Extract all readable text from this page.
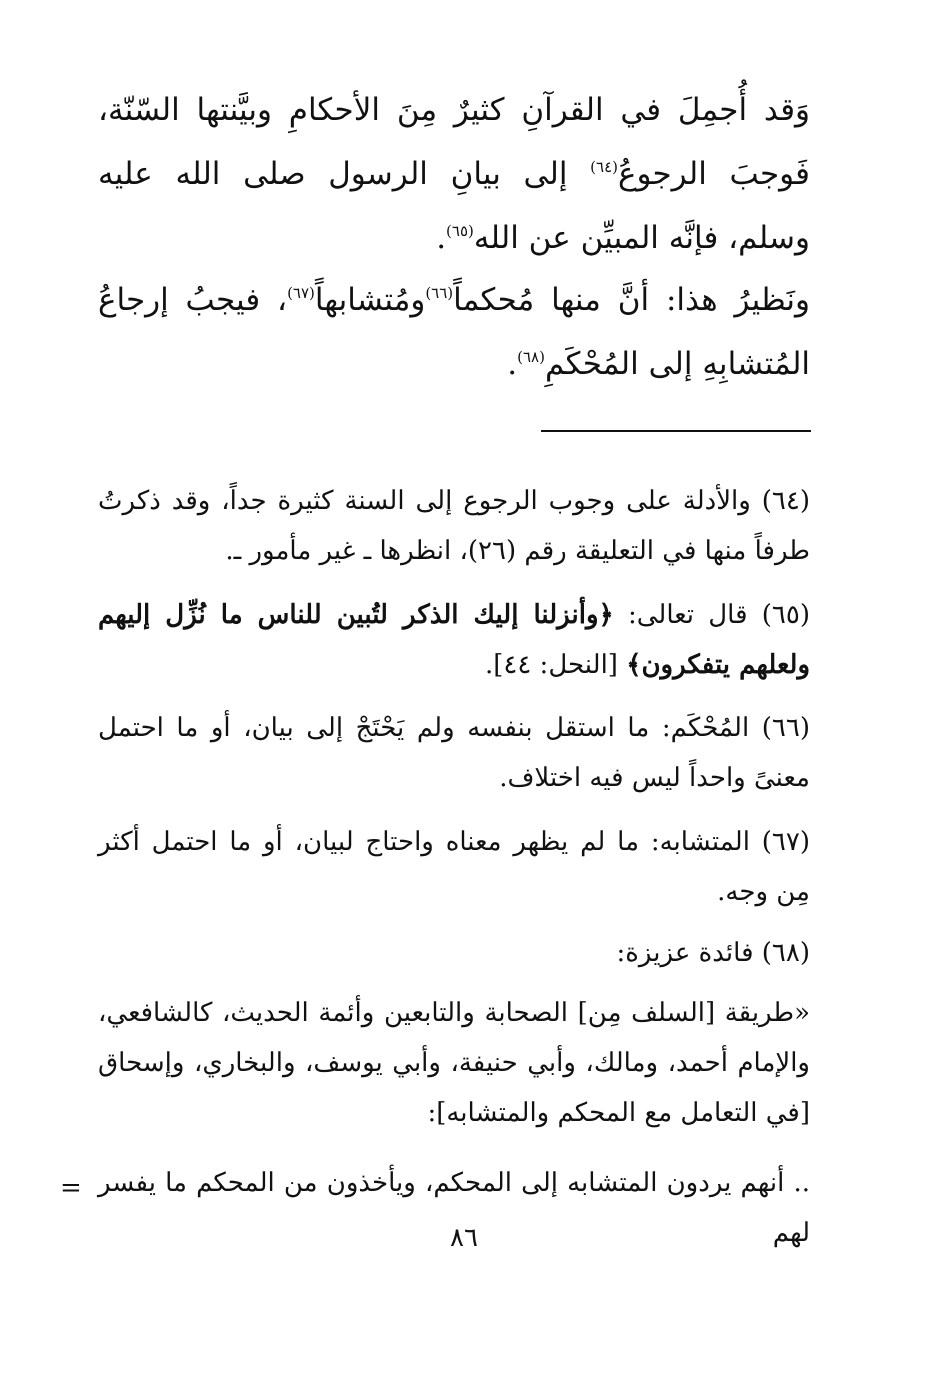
وَقد أُجمِلَ في القرآنِ كثيرٌ مِنَ الأحكامِ وبيَّنتها السّنّة، فَوجبَ الرجوعُ$^{(٦٤)}$ إلى بيانِ الرسول صلى الله عليه وسلم، فإنَّه المبيِّن عن الله$^{(٦٥)}$.
ونَظيرُ هذا: أنَّ منها مُحكماً$^{(٦٦)}$ومُتشابهاً$^{(٦٧)}$، فيجبُ إرجاعُ المُتشابِهِ إلى المُحْكَمِ$^{(٦٨)}$.
(٦٤) والأدلة على وجوب الرجوع إلى السنة كثيرة جداً، وقد ذكرتُ طرفاً منها في التعليقة رقم (٢٦)، انظرها ـ غير مأمور ـ.
(٦٥) قال تعالى: ﴿وأنزلنا إليك الذكر لتُبين للناس ما نُزِّل إليهم ولعلهم يتفكرون﴾ [النحل: ٤٤].
(٦٦) المُحْكَم: ما استقل بنفسه ولم يَحْتَجْ إلى بيان، أو ما احتمل معنىً واحداً ليس فيه اختلاف.
(٦٧) المتشابه: ما لم يظهر معناه واحتاج لبيان، أو ما احتمل أكثر مِن وجه.
(٦٨) فائدة عزيزة:
«طريقة [السلف مِن] الصحابة والتابعين وأئمة الحديث، كالشافعي، والإمام أحمد، ومالك، وأبي حنيفة، وأبي يوسف، والبخاري، وإسحاق [في التعامل مع المحكم والمتشابه]:
.. أنهم يردون المتشابه إلى المحكم، ويأخذون من المحكم ما يفسر لهم
=
٨٦
